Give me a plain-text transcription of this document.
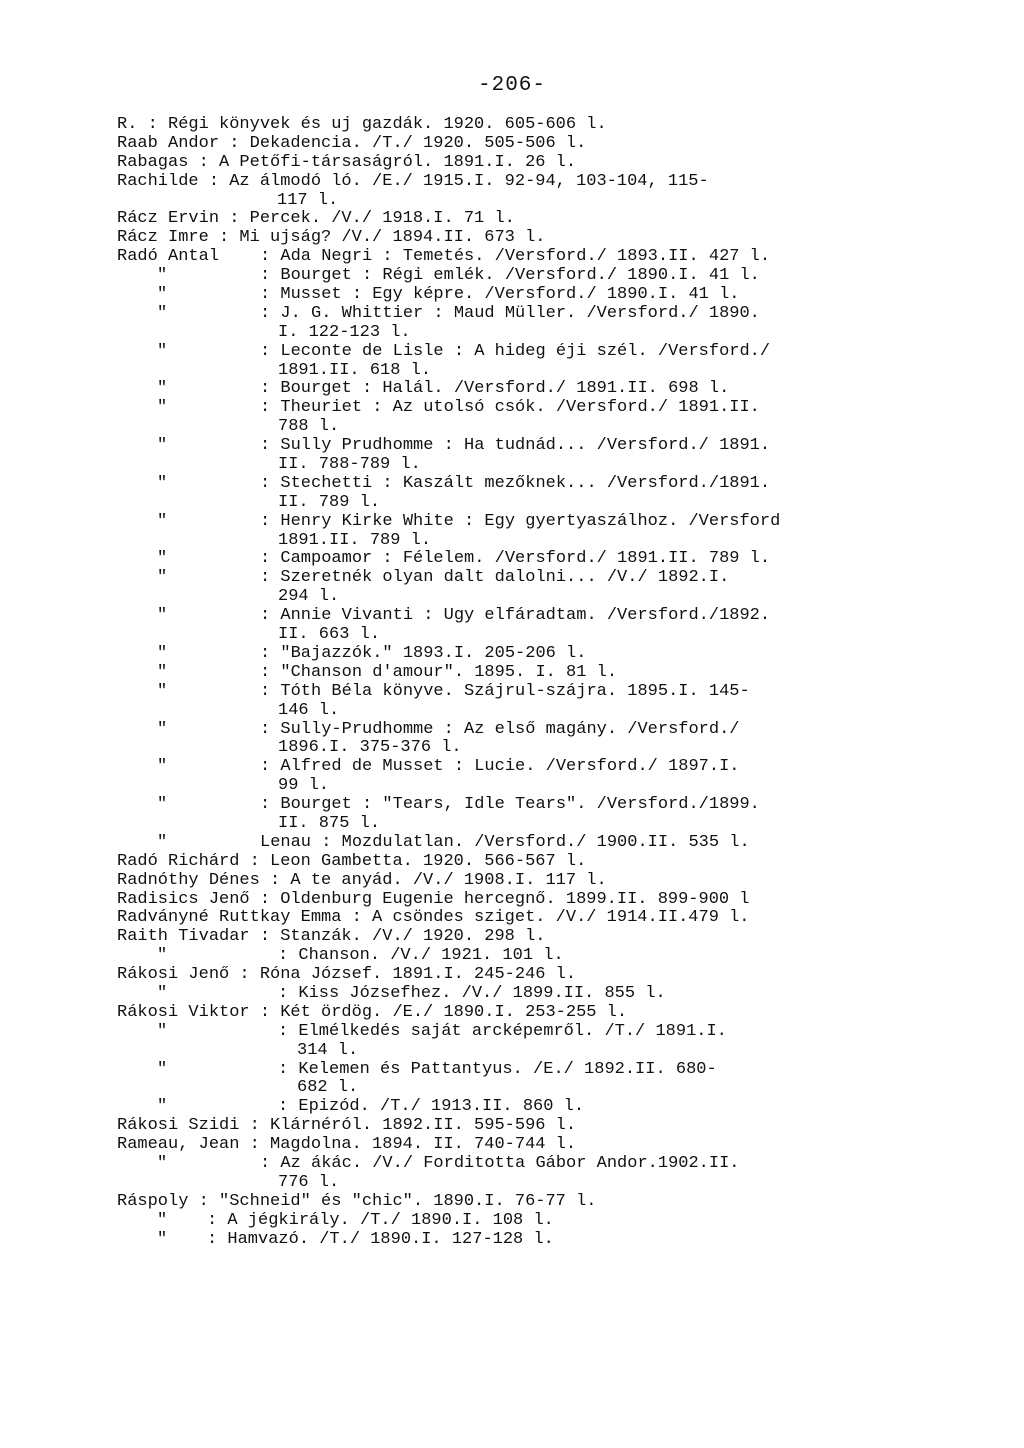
-206-
R. : Régi könyvek és uj gazdák. 1920. 605-606 l.
Raab Andor : Dekadencia. /T./ 1920. 505-506 l.
Rabagas : A Petőfi-társaságról. 1891.I. 26 l.
Rachilde : Az álmodó ló. /E./ 1915.I. 92-94, 103-104, 115-
117 l.
Rácz Ervin : Percek. /V./ 1918.I. 71 l.
Rácz Imre : Mi ujság? /V./ 1894.II. 673 l.
Radó Antal : Ada Negri : Temetés. /Versford./ 1893.II. 427 l.
"	: Bourget : Régi emlék. /Versford./ 1890.I. 41 l.
"	: Musset : Egy képre. /Versford./ 1890.I. 41 l.
"	: J. G. Whittier : Maud Müller. /Versford./ 1890.
I. 122-123 l.
"	: Leconte de Lisle : A hideg éji szél. /Versford./
1891.II. 618 l.
"	: Bourget : Halál. /Versford./ 1891.II. 698 l.
"	: Theuriet : Az utolsó csók. /Versford./ 1891.II.
788 l.
"	: Sully Prudhomme : Ha tudnád... /Versford./ 1891.
II. 788-789 l.
"	: Stechetti : Kaszált mezőknek... /Versford./1891.
II. 789 l.
"	: Henry Kirke White : Egy gyertyaszálhoz. /Versford
1891.II. 789 l.
"	: Campoamor : Félelem. /Versford./ 1891.II. 789 l.
"	: Szeretnék olyan dalt dalolni... /V./ 1892.I.
294 l.
"	: Annie Vivanti : Ugy elfáradtam. /Versford./1892.
II. 663 l.
"	: "Bajazzók." 1893.I. 205-206 l.
"	: "Chanson d'amour". 1895. I. 81 l.
"	: Tóth Béla könyve. Szájrul-szájra. 1895.I. 145-
146 l.
"	: Sully-Prudhomme : Az első magány. /Versford./
1896.I. 375-376 l.
"	: Alfred de Musset : Lucie. /Versford./ 1897.I.
99 l.
"	: Bourget : "Tears, Idle Tears". /Versford./1899.
II. 875 l.
"	Lenau : Mozdulatlan. /Versford./ 1900.II. 535 l.
Radó Richárd : Leon Gambetta. 1920. 566-567 l.
Radnóthy Dénes : A te anyád. /V./ 1908.I. 117 l.
Radisics Jenő : Oldenburg Eugenie hercegnő. 1899.II. 899-900 l
Radványné Ruttkay Emma : A csöndes sziget. /V./ 1914.II.479 l.
Raith Tivadar : Stanzák. /V./ 1920. 298 l.
"	: Chanson. /V./ 1921. 101 l.
Rákosi Jenő : Róna József. 1891.I. 245-246 l.
"	: Kiss Józsefhez. /V./ 1899.II. 855 l.
Rákosi Viktor : Két ördög. /E./ 1890.I. 253-255 l.
"	: Elmélkedés saját arcképemről. /T./ 1891.I.
314 l.
"	: Kelemen és Pattantyus. /E./ 1892.II. 680-
682 l.
"	: Epizód. /T./ 1913.II. 860 l.
Rákosi Szidi : Klárnéról. 1892.II. 595-596 l.
Rameau, Jean : Magdolna. 1894. II. 740-744 l.
"	: Az ákác. /V./ Forditotta Gábor Andor.1902.II.
776 l.
Ráspoly : "Schneid" és "chic". 1890.I. 76-77 l.
" : A jégkirály. /T./ 1890.I. 108 l.
" : Hamvazó. /T./ 1890.I. 127-128 l.
